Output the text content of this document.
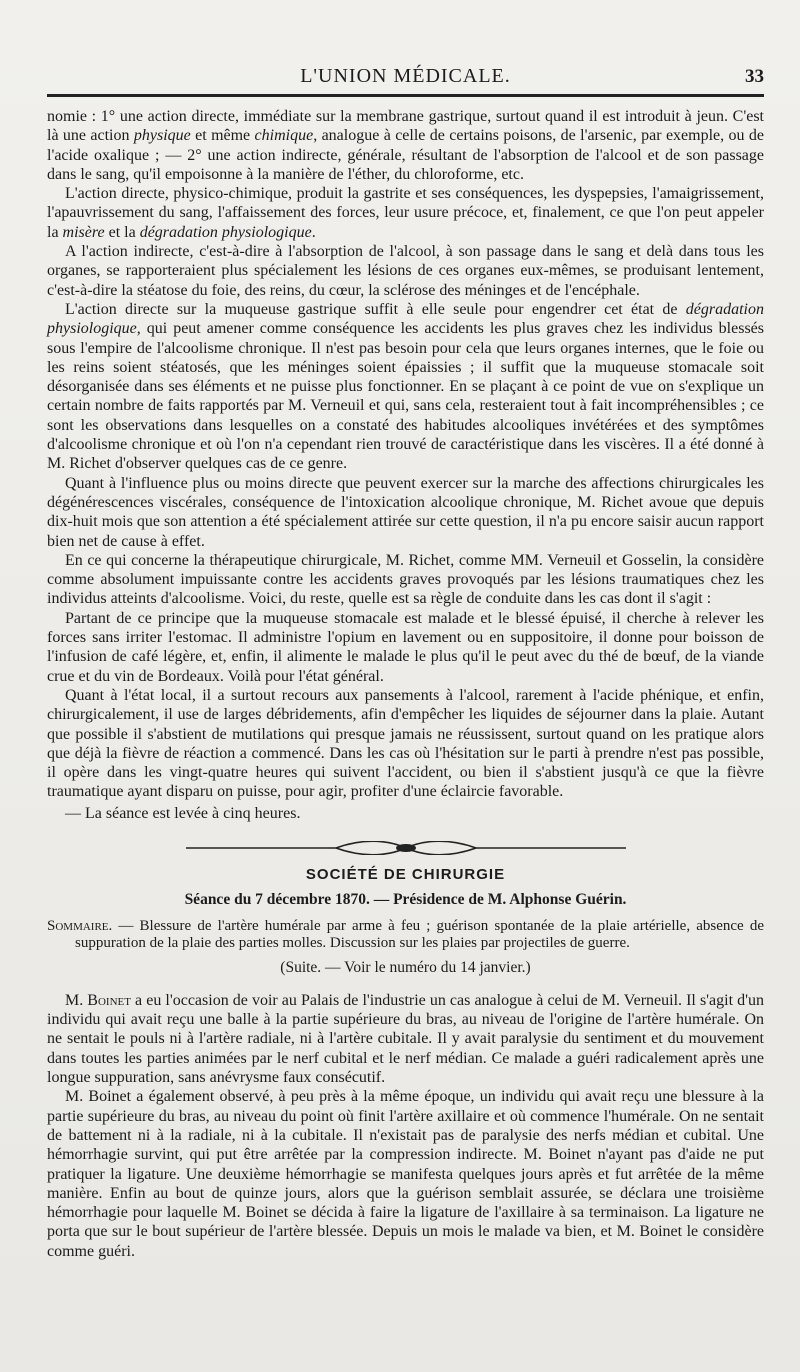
L'UNION MÉDICALE.	33

nomie : 1° une action directe, immédiate sur la membrane gastrique, surtout quand il est introduit à jeun. C'est là une action physique et même chimique, analogue à celle de certains poisons, de l'arsenic, par exemple, ou de l'acide oxalique ; — 2° une action indirecte, générale, résultant de l'absorption de l'alcool et de son passage dans le sang, qu'il empoisonne à la manière de l'éther, du chloroforme, etc.

L'action directe, physico-chimique, produit la gastrite et ses conséquences, les dyspepsies, l'amaigrissement, l'apauvrissement du sang, l'affaissement des forces, leur usure précoce, et, finalement, ce que l'on peut appeler la misère et la dégradation physiologique.

A l'action indirecte, c'est-à-dire à l'absorption de l'alcool, à son passage dans le sang et delà dans tous les organes, se rapporteraient plus spécialement les lésions de ces organes eux-mêmes, se produisant lentement, c'est-à-dire la stéatose du foie, des reins, du cœur, la sclérose des méninges et de l'encéphale.

L'action directe sur la muqueuse gastrique suffit à elle seule pour engendrer cet état de dégradation physiologique, qui peut amener comme conséquence les accidents les plus graves chez les individus blessés sous l'empire de l'alcoolisme chronique. Il n'est pas besoin pour cela que leurs organes internes, que le foie ou les reins soient stéatosés, que les méninges soient épaissies ; il suffit que la muqueuse stomacale soit désorganisée dans ses éléments et ne puisse plus fonctionner. En se plaçant à ce point de vue on s'explique un certain nombre de faits rapportés par M. Verneuil et qui, sans cela, resteraient tout à fait incompréhensibles ; ce sont les observations dans lesquelles on a constaté des habitudes alcooliques invétérées et des symptômes d'alcoolisme chronique et où l'on n'a cependant rien trouvé de caractéristique dans les viscères. Il a été donné à M. Richet d'observer quelques cas de ce genre.

Quant à l'influence plus ou moins directe que peuvent exercer sur la marche des affections chirurgicales les dégénérescences viscérales, conséquence de l'intoxication alcoolique chronique, M. Richet avoue que depuis dix-huit mois que son attention a été spécialement attirée sur cette question, il n'a pu encore saisir aucun rapport bien net de cause à effet.

En ce qui concerne la thérapeutique chirurgicale, M. Richet, comme MM. Verneuil et Gosselin, la considère comme absolument impuissante contre les accidents graves provoqués par les lésions traumatiques chez les individus atteints d'alcoolisme. Voici, du reste, quelle est sa règle de conduite dans les cas dont il s'agit :

Partant de ce principe que la muqueuse stomacale est malade et le blessé épuisé, il cherche à relever les forces sans irriter l'estomac. Il administre l'opium en lavement ou en suppositoire, il donne pour boisson de l'infusion de café légère, et, enfin, il alimente le malade le plus qu'il le peut avec du thé de bœuf, de la viande crue et du vin de Bordeaux. Voilà pour l'état général.

Quant à l'état local, il a surtout recours aux pansements à l'alcool, rarement à l'acide phénique, et enfin, chirurgicalement, il use de larges débridements, afin d'empêcher les liquides de séjourner dans la plaie. Autant que possible il s'abstient de mutilations qui presque jamais ne réussissent, surtout quand on les pratique alors que déjà la fièvre de réaction a commencé. Dans les cas où l'hésitation sur le parti à prendre n'est pas possible, il opère dans les vingt-quatre heures qui suivent l'accident, ou bien il s'abstient jusqu'à ce que la fièvre traumatique ayant disparu on puisse, pour agir, profiter d'une éclaircie favorable.

— La séance est levée à cinq heures.

SOCIÉTÉ DE CHIRURGIE
Séance du 7 décembre 1870. — Présidence de M. Alphonse Guérin.
Sommaire. — Blessure de l'artère humérale par arme à feu ; guérison spontanée de la plaie artérielle, absence de suppuration de la plaie des parties molles. Discussion sur les plaies par projectiles de guerre.
(Suite. — Voir le numéro du 14 janvier.)

M. Boinet a eu l'occasion de voir au Palais de l'industrie un cas analogue à celui de M. Verneuil. Il s'agit d'un individu qui avait reçu une balle à la partie supérieure du bras, au niveau de l'origine de l'artère humérale. On ne sentait le pouls ni à l'artère radiale, ni à l'artère cubitale. Il y avait paralysie du sentiment et du mouvement dans toutes les parties animées par le nerf cubital et le nerf médian. Ce malade a guéri radicalement après une longue suppuration, sans anévrysme faux consécutif.

M. Boinet a également observé, à peu près à la même époque, un individu qui avait reçu une blessure à la partie supérieure du bras, au niveau du point où finit l'artère axillaire et où commence l'humérale. On ne sentait de battement ni à la radiale, ni à la cubitale. Il n'existait pas de paralysie des nerfs médian et cubital. Une hémorrhagie survint, qui put être arrêtée par la compression indirecte. M. Boinet n'ayant pas d'aide ne put pratiquer la ligature. Une deuxième hémorrhagie se manifesta quelques jours après et fut arrêtée de la même manière. Enfin au bout de quinze jours, alors que la guérison semblait assurée, se déclara une troisième hémorrhagie pour laquelle M. Boinet se décida à faire la ligature de l'axillaire à sa terminaison. La ligature ne porta que sur le bout supérieur de l'artère blessée. Depuis un mois le malade va bien, et M. Boinet le considère comme guéri.
